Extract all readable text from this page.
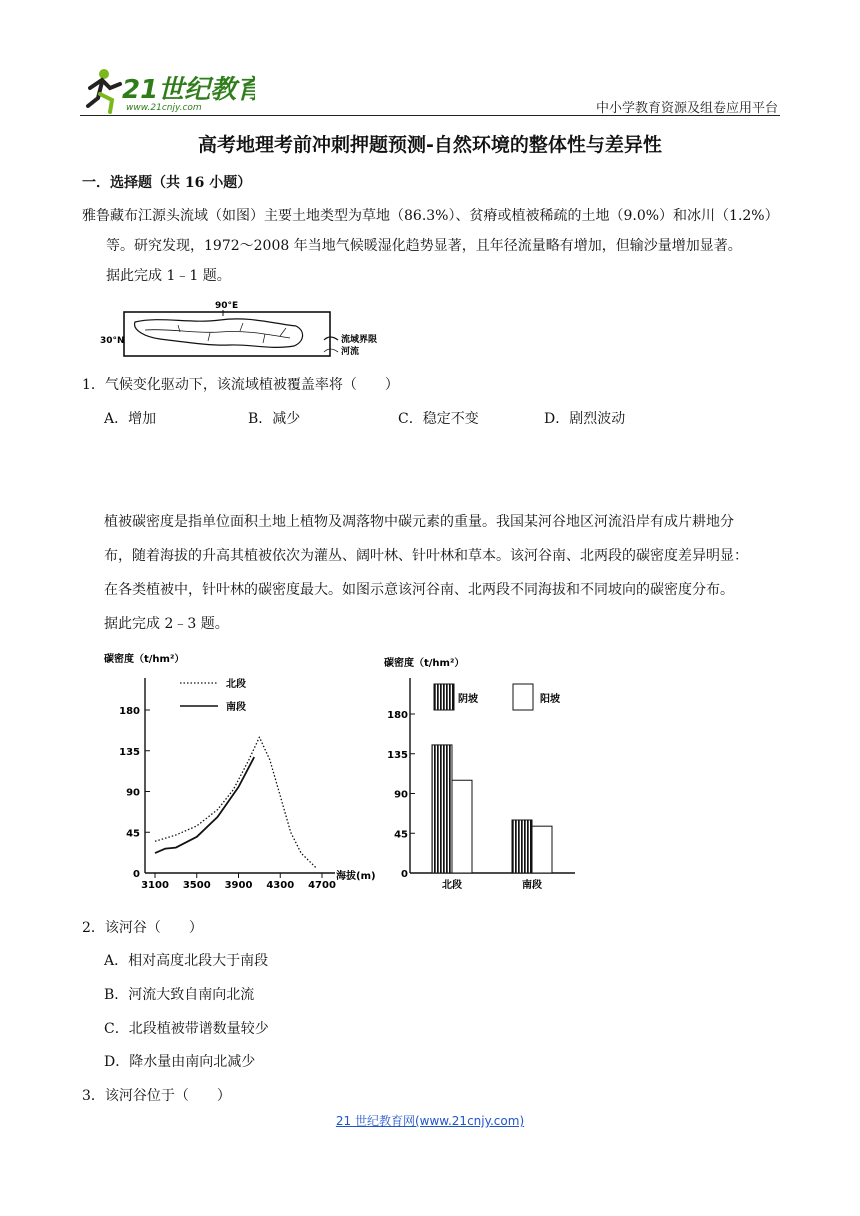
21世纪教育
www.21cnjy.com	中小学教育资源及组卷应用平台
高考地理考前冲刺押题预测-自然环境的整体性与差异性
一．选择题（共 16 小题）
雅鲁藏布江源头流域（如图）主要土地类型为草地（86.3%）、贫瘠或植被稀疏的土地（9.0%）和冰川（1.2%）
等。研究发现，1972～2008 年当地气候暖湿化趋势显著，且年径流量略有增加，但输沙量增加显著。
据此完成 1﹣1 题。
90°E
30°N	流域界限
河流
1．气候变化驱动下，该流域植被覆盖率将（　　）
A．增加	B．减少	C．稳定不变	D．剧烈波动
植被碳密度是指单位面积土地上植物及凋落物中碳元素的重量。我国某河谷地区河流沿岸有成片耕地分
布，随着海拔的升高其植被依次为灌丛、阔叶林、针叶林和草本。该河谷南、北两段的碳密度差异明显：
在各类植被中，针叶林的碳密度最大。如图示意该河谷南、北两段不同海拔和不同坡向的碳密度分布。
据此完成 2﹣3 题。
碳密度（t/hm²）
海拔(m)
北段
南段
0
45
90
135
180
3100 3500 3900 4300 4700
碳密度（t/hm²）
阴坡	阳坡
0
45
90
135
180
北段	南段
2．该河谷（　　）
A．相对高度北段大于南段
B．河流大致自南向北流
C．北段植被带谱数量较少
D．降水量由南向北减少
3．该河谷位于（　　）
21 世纪教育网(www.21cnjy.com)
